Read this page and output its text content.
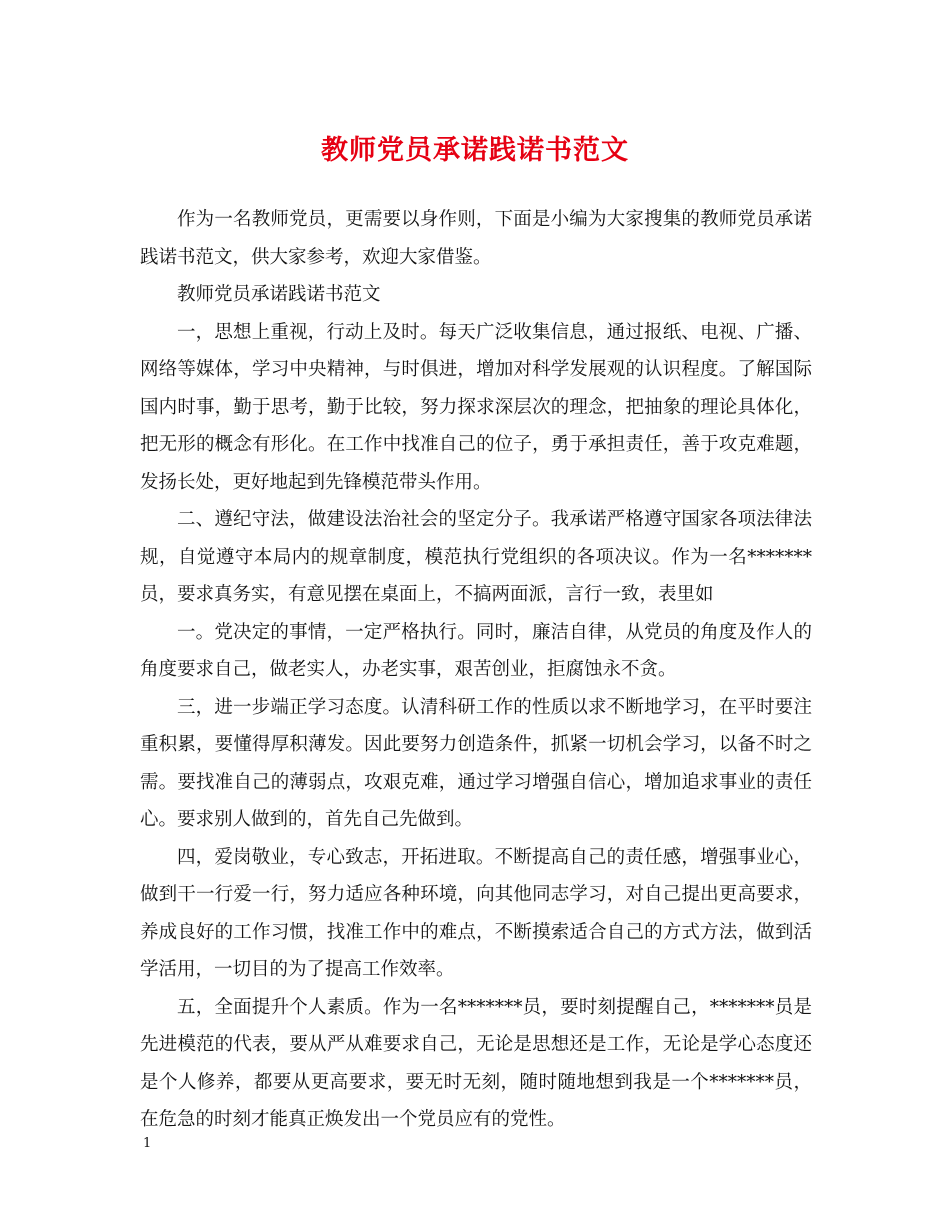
教师党员承诺践诺书范文

作为一名教师党员，更需要以身作则，下面是小编为大家搜集的教师党员承诺践诺书范文，供大家参考，欢迎大家借鉴。

教师党员承诺践诺书范文

一，思想上重视，行动上及时。每天广泛收集信息，通过报纸、电视、广播、网络等媒体，学习中央精神，与时俱进，增加对科学发展观的认识程度。了解国际国内时事，勤于思考，勤于比较，努力探求深层次的理念，把抽象的理论具体化，把无形的概念有形化。在工作中找准自己的位子，勇于承担责任，善于攻克难题，发扬长处，更好地起到先锋模范带头作用。

二、遵纪守法，做建设法治社会的坚定分子。我承诺严格遵守国家各项法律法规，自觉遵守本局内的规章制度，模范执行党组织的各项决议。作为一名*******员，要求真务实，有意见摆在桌面上，不搞两面派，言行一致，表里如

一。党决定的事情，一定严格执行。同时，廉洁自律，从党员的角度及作人的角度要求自己，做老实人，办老实事，艰苦创业，拒腐蚀永不贪。

三，进一步端正学习态度。认清科研工作的性质以求不断地学习，在平时要注重积累，要懂得厚积薄发。因此要努力创造条件，抓紧一切机会学习，以备不时之需。要找准自己的薄弱点，攻艰克难，通过学习增强自信心，增加追求事业的责任心。要求别人做到的，首先自己先做到。

四，爱岗敬业，专心致志，开拓进取。不断提高自己的责任感，增强事业心，做到干一行爱一行，努力适应各种环境，向其他同志学习，对自己提出更高要求，养成良好的工作习惯，找准工作中的难点，不断摸索适合自己的方式方法，做到活学活用，一切目的为了提高工作效率。

五，全面提升个人素质。作为一名*******员，要时刻提醒自己，*******员是先进模范的代表，要从严从难要求自己，无论是思想还是工作，无论是学心态度还是个人修养，都要从更高要求，要无时无刻，随时随地想到我是一个*******员，在危急的时刻才能真正焕发出一个党员应有的党性。

1
